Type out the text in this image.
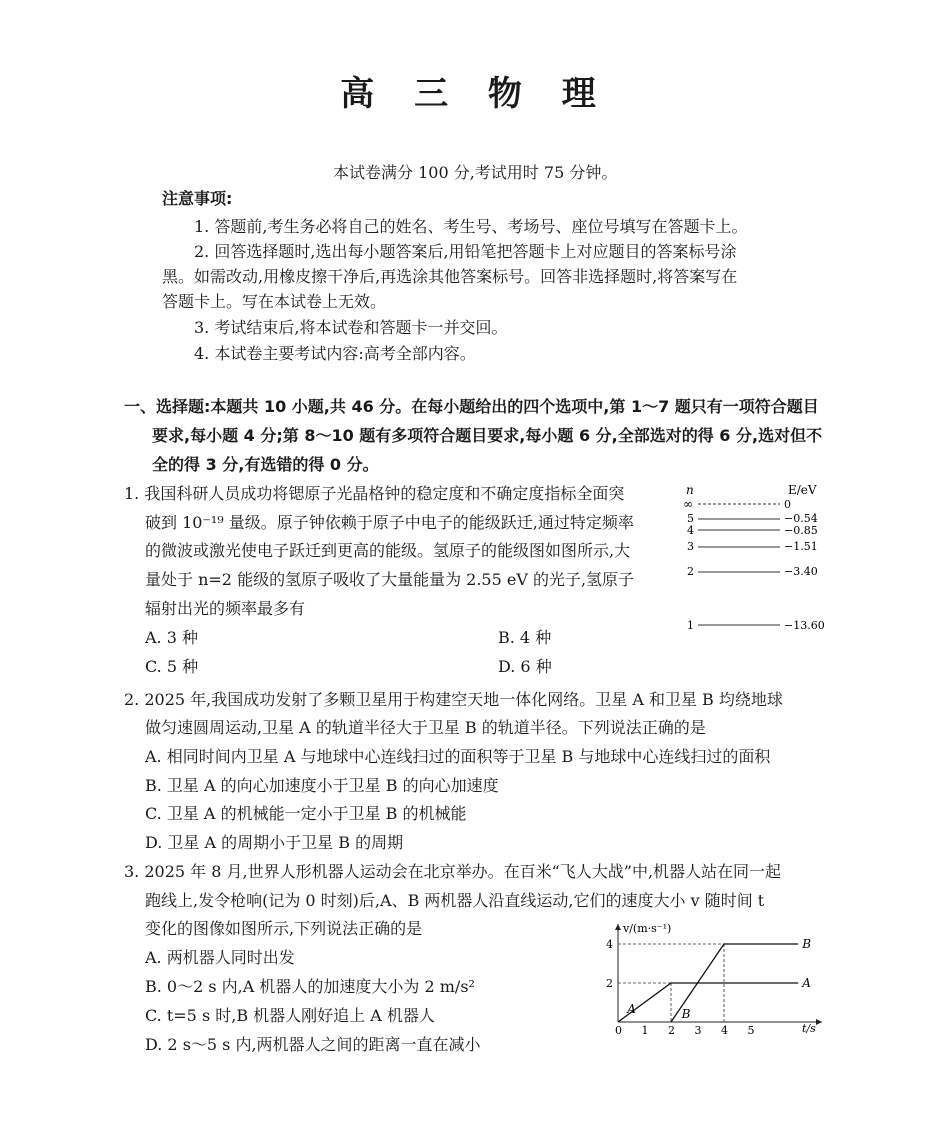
高 三 物 理
本试卷满分 100 分,考试用时 75 分钟。
注意事项:
1. 答题前,考生务必将自己的姓名、考生号、考场号、座位号填写在答题卡上。
2. 回答选择题时,选出每小题答案后,用铅笔把答题卡上对应题目的答案标号涂
黑。如需改动,用橡皮擦干净后,再选涂其他答案标号。回答非选择题时,将答案写在
答题卡上。写在本试卷上无效。
3. 考试结束后,将本试卷和答题卡一并交回。
4. 本试卷主要考试内容:高考全部内容。
一、选择题:本题共 10 小题,共 46 分。在每小题给出的四个选项中,第 1～7 题只有一项符合题目
要求,每小题 4 分;第 8～10 题有多项符合题目要求,每小题 6 分,全部选对的得 6 分,选对但不
全的得 3 分,有选错的得 0 分。
1. 我国科研人员成功将锶原子光晶格钟的稳定度和不确定度指标全面突
破到 10⁻¹⁹ 量级。原子钟依赖于原子中电子的能级跃迁,通过特定频率
的微波或激光使电子跃迁到更高的能级。氢原子的能级图如图所示,大
量处于 n=2 能级的氢原子吸收了大量能量为 2.55 eV 的光子,氢原子
辐射出光的频率最多有
A. 3 种	B. 4 种
C. 5 种	D. 6 种
n	E/eV
∞	0
5	−0.54
4	−0.85
3	−1.51
2	−3.40
1	−13.60
2. 2025 年,我国成功发射了多颗卫星用于构建空天地一体化网络。卫星 A 和卫星 B 均绕地球
做匀速圆周运动,卫星 A 的轨道半径大于卫星 B 的轨道半径。下列说法正确的是
A. 相同时间内卫星 A 与地球中心连线扫过的面积等于卫星 B 与地球中心连线扫过的面积
B. 卫星 A 的向心加速度小于卫星 B 的向心加速度
C. 卫星 A 的机械能一定小于卫星 B 的机械能
D. 卫星 A 的周期小于卫星 B 的周期
3. 2025 年 8 月,世界人形机器人运动会在北京举办。在百米“飞人大战”中,机器人站在同一起
跑线上,发令枪响(记为 0 时刻)后,A、B 两机器人沿直线运动,它们的速度大小 v 随时间 t
变化的图像如图所示,下列说法正确的是
A. 两机器人同时出发
B. 0～2 s 内,A 机器人的加速度大小为 2 m/s²
C. t=5 s 时,B 机器人刚好追上 A 机器人
D. 2 s～5 s 内,两机器人之间的距离一直在减小
v/(m·s⁻¹)
t/s
0 1 2 3 4 5
2
4
A
B
A	B
